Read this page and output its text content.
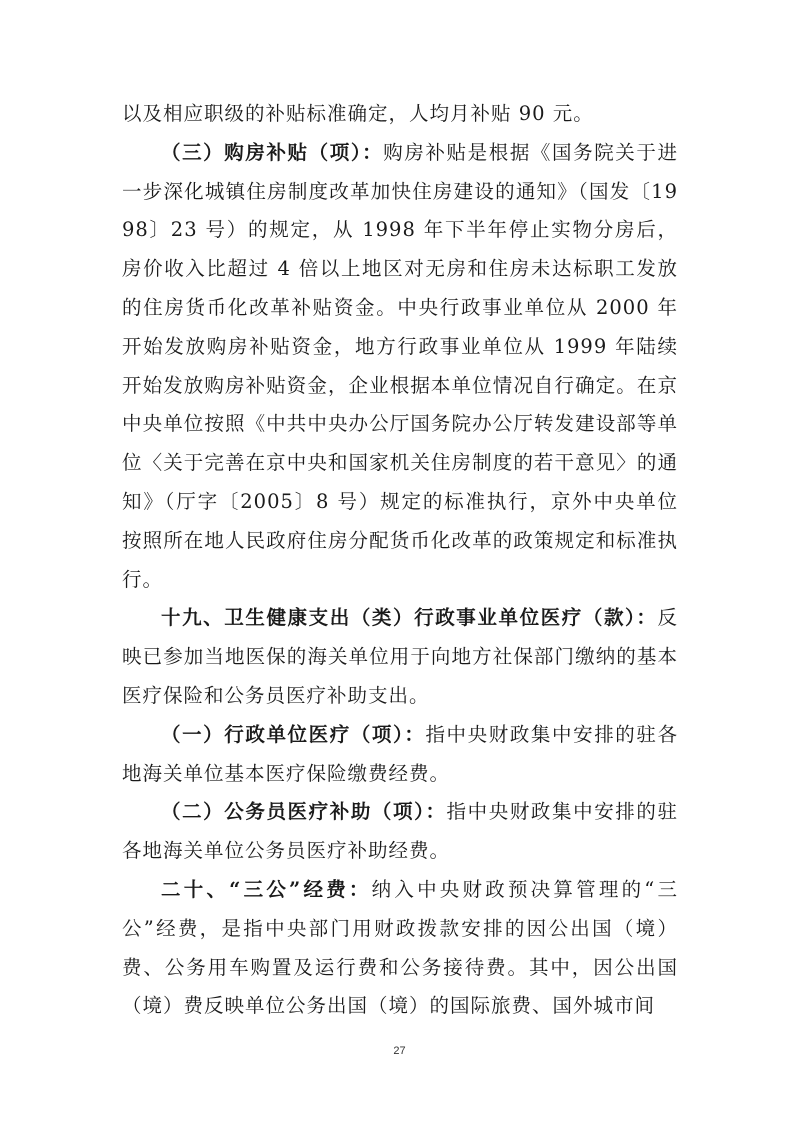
以及相应职级的补贴标准确定，人均月补贴 90 元。

（三）购房补贴（项）：购房补贴是根据《国务院关于进一步深化城镇住房制度改革加快住房建设的通知》（国发〔1998〕23 号）的规定，从 1998 年下半年停止实物分房后，房价收入比超过 4 倍以上地区对无房和住房未达标职工发放的住房货币化改革补贴资金。中央行政事业单位从 2000 年开始发放购房补贴资金，地方行政事业单位从 1999 年陆续开始发放购房补贴资金，企业根据本单位情况自行确定。在京中央单位按照《中共中央办公厅国务院办公厅转发建设部等单位〈关于完善在京中央和国家机关住房制度的若干意见〉的通知》（厅字〔2005〕8 号）规定的标准执行，京外中央单位按照所在地人民政府住房分配货币化改革的政策规定和标准执行。

十九、卫生健康支出（类）行政事业单位医疗（款）：反映已参加当地医保的海关单位用于向地方社保部门缴纳的基本医疗保险和公务员医疗补助支出。

（一）行政单位医疗（项）：指中央财政集中安排的驻各地海关单位基本医疗保险缴费经费。

（二）公务员医疗补助（项）：指中央财政集中安排的驻各地海关单位公务员医疗补助经费。

二十、“三公”经费：纳入中央财政预决算管理的“三公”经费，是指中央部门用财政拨款安排的因公出国（境）费、公务用车购置及运行费和公务接待费。其中，因公出国（境）费反映单位公务出国（境）的国际旅费、国外城市间

27
